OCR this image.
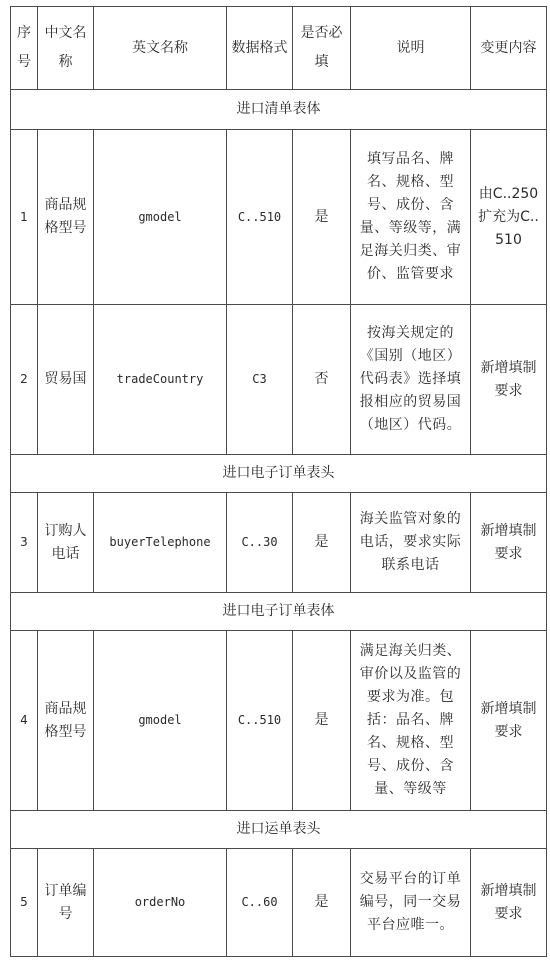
序号	中文名称	英文名称	数据格式	是否必填	说明	变更内容
进口清单表体						
1	商品规格型号	gmodel	C..510	是	填写品名、牌名、规格、型号、成份、含量、等级等，满足海关归类、审价、监管要求	由C..250扩充为C..510
2	贸易国	tradeCountry	C3	否	按海关规定的《国别（地区）代码表》选择填报相应的贸易国（地区）代码。	新增填制要求
进口电子订单表头						
3	订购人电话	buyerTelephone	C..30	是	海关监管对象的电话，要求实际联系电话	新增填制要求
进口电子订单表体						
4	商品规格型号	gmodel	C..510	是	满足海关归类、审价以及监管的要求为准。包括：品名、牌名、规格、型号、成份、含量、等级等	新增填制要求
进口运单表头						
5	订单编号	orderNo	C..60	是	交易平台的订单编号，同一交易平台应唯一。	新增填制要求
